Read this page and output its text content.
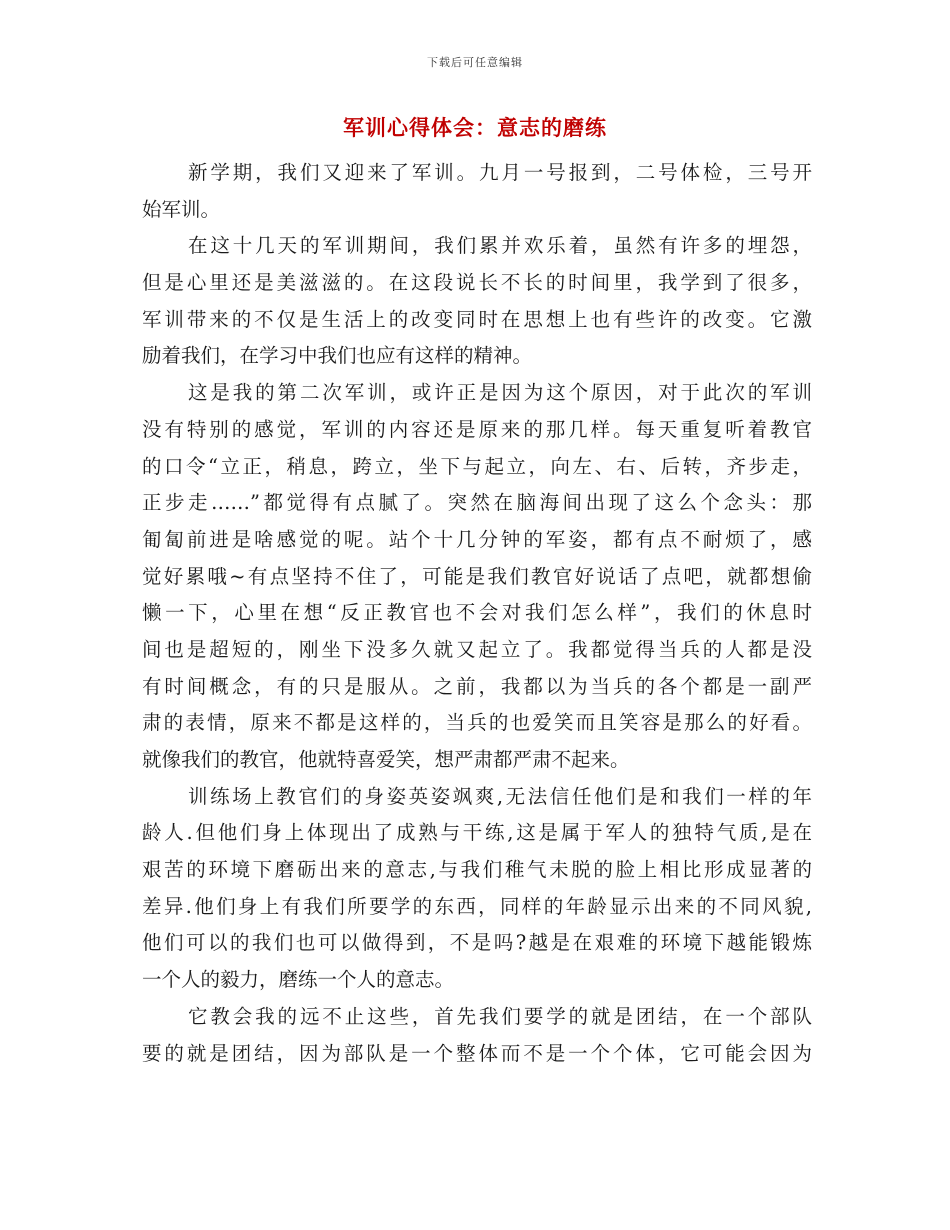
下载后可任意编辑
军训心得体会：意志的磨练
新学期，我们又迎来了军训。九月一号报到，二号体检，三号开
始军训。
在这十几天的军训期间，我们累并欢乐着，虽然有许多的埋怨，
但是心里还是美滋滋的。在这段说长不长的时间里，我学到了很多，
军训带来的不仅是生活上的改变同时在思想上也有些许的改变。它激
励着我们，在学习中我们也应有这样的精神。
这是我的第二次军训，或许正是因为这个原因，对于此次的军训
没有特别的感觉，军训的内容还是原来的那几样。每天重复听着教官
的口令“立正，稍息，跨立，坐下与起立，向左、右、后转，齐步走，
正步走……”都觉得有点腻了。突然在脑海间出现了这么个念头：那
匍匐前进是啥感觉的呢。站个十几分钟的军姿，都有点不耐烦了，感
觉好累哦~有点坚持不住了，可能是我们教官好说话了点吧，就都想偷
懒一下，心里在想“反正教官也不会对我们怎么样”，我们的休息时
间也是超短的，刚坐下没多久就又起立了。我都觉得当兵的人都是没
有时间概念，有的只是服从。之前，我都以为当兵的各个都是一副严
肃的表情，原来不都是这样的，当兵的也爱笑而且笑容是那么的好看。
就像我们的教官，他就特喜爱笑，想严肃都严肃不起来。
训练场上教官们的身姿英姿飒爽,无法信任他们是和我们一样的年
龄人.但他们身上体现出了成熟与干练,这是属于军人的独特气质,是在
艰苦的环境下磨砺出来的意志,与我们稚气未脱的脸上相比形成显著的
差异.他们身上有我们所要学的东西，同样的年龄显示出来的不同风貌,
他们可以的我们也可以做得到，不是吗?越是在艰难的环境下越能锻炼
一个人的毅力，磨练一个人的意志。
它教会我的远不止这些，首先我们要学的就是团结，在一个部队
要的就是团结，因为部队是一个整体而不是一个个体，它可能会因为
